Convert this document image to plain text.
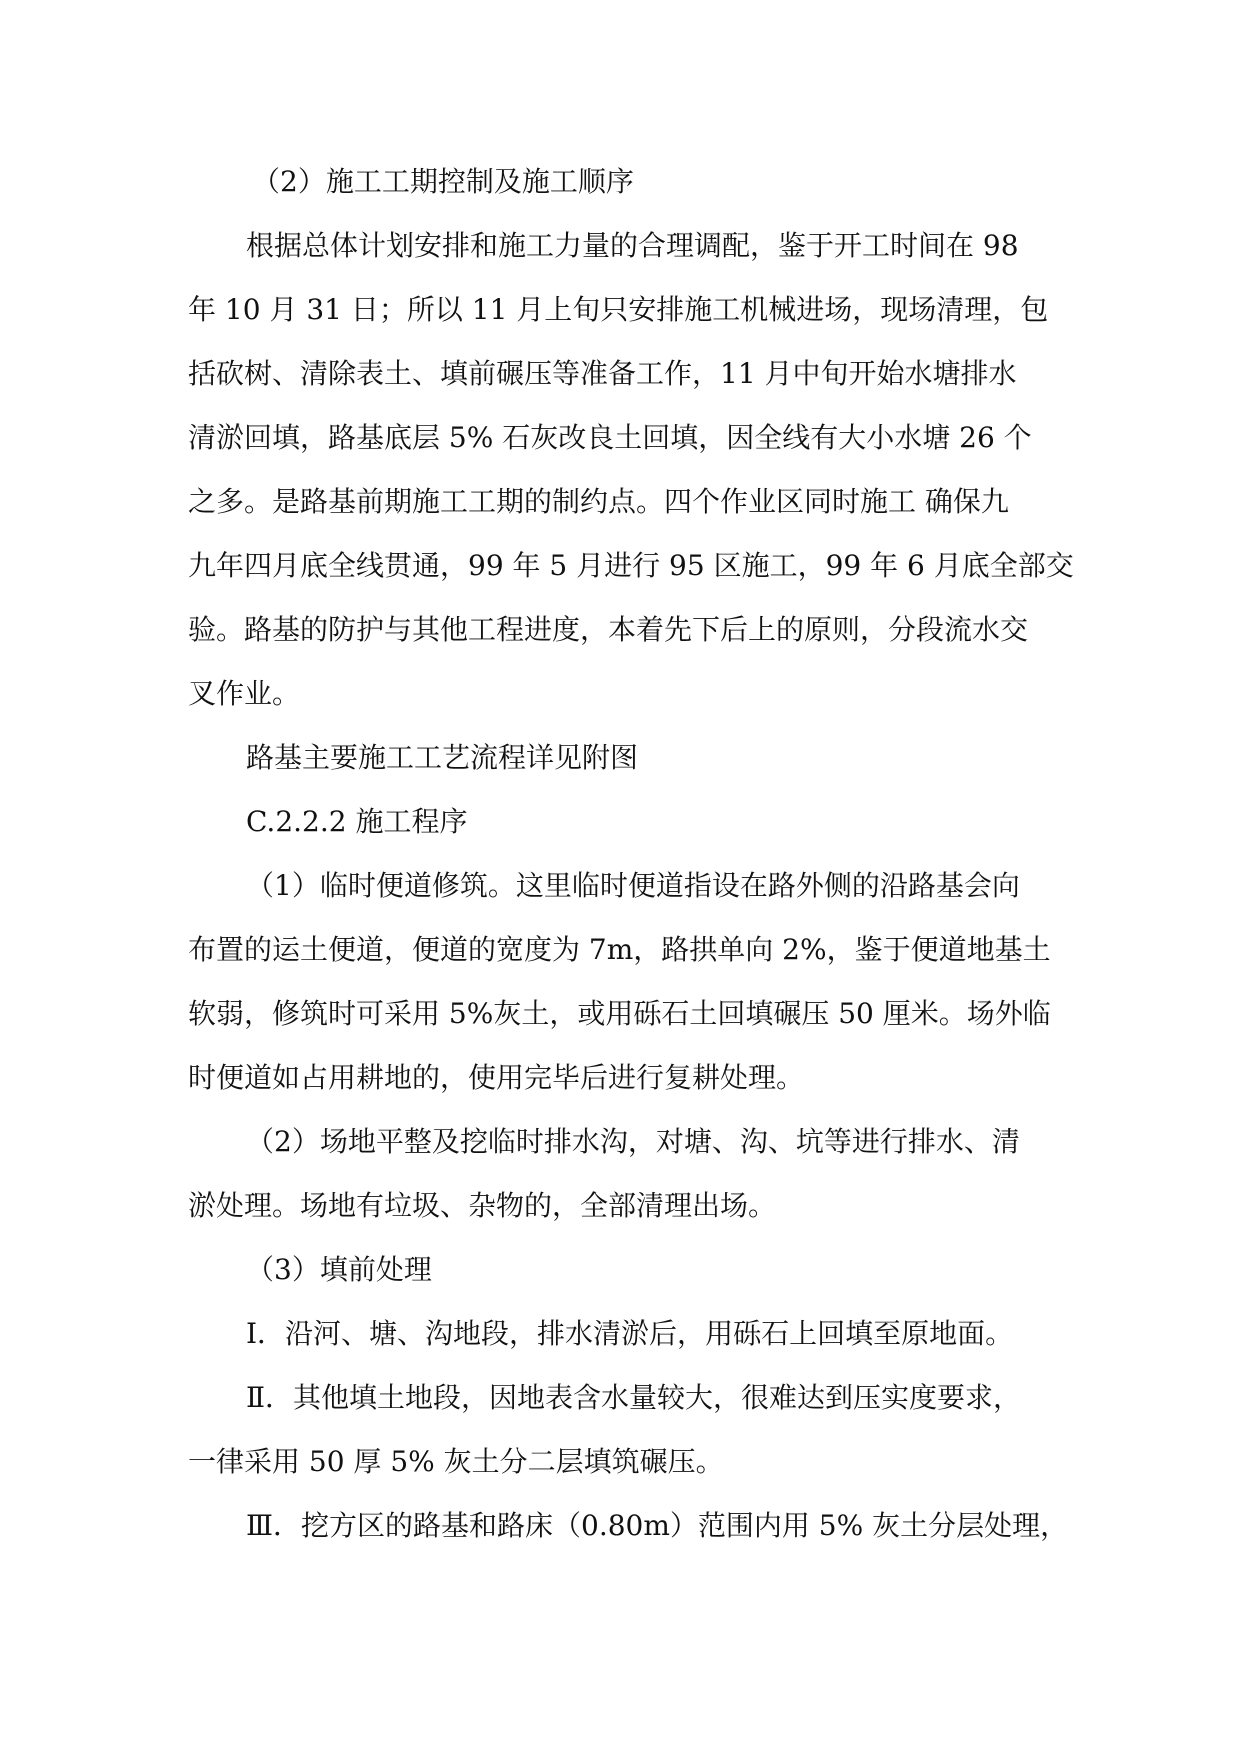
（2）施工工期控制及施工顺序
根据总体计划安排和施工力量的合理调配，鉴于开工时间在 98
年 10 月 31 日；所以 11 月上旬只安排施工机械进场，现场清理，包
括砍树、清除表土、填前碾压等准备工作，11 月中旬开始水塘排水
清淤回填，路基底层 5% 石灰改良土回填，因全线有大小水塘 26 个
之多。是路基前期施工工期的制约点。四个作业区同时施工 确保九
九年四月底全线贯通，99 年 5 月进行 95 区施工，99 年 6 月底全部交
验。路基的防护与其他工程进度，本着先下后上的原则，分段流水交
叉作业。
路基主要施工工艺流程详见附图
C.2.2.2 施工程序
（1）临时便道修筑。这里临时便道指设在路外侧的沿路基会向
布置的运土便道，便道的宽度为 7m，路拱单向 2%，鉴于便道地基土
软弱，修筑时可采用 5%灰土，或用砾石土回填碾压 50 厘米。场外临
时便道如占用耕地的，使用完毕后进行复耕处理。
（2）场地平整及挖临时排水沟，对塘、沟、坑等进行排水、清
淤处理。场地有垃圾、杂物的，全部清理出场。
（3）填前处理
Ⅰ．沿河、塘、沟地段，排水清淤后，用砾石上回填至原地面。
Ⅱ．其他填土地段，因地表含水量较大，很难达到压实度要求，
一律采用 50 厚 5% 灰土分二层填筑碾压。
Ⅲ．挖方区的路基和路床（0.80m）范围内用 5% 灰土分层处理，
